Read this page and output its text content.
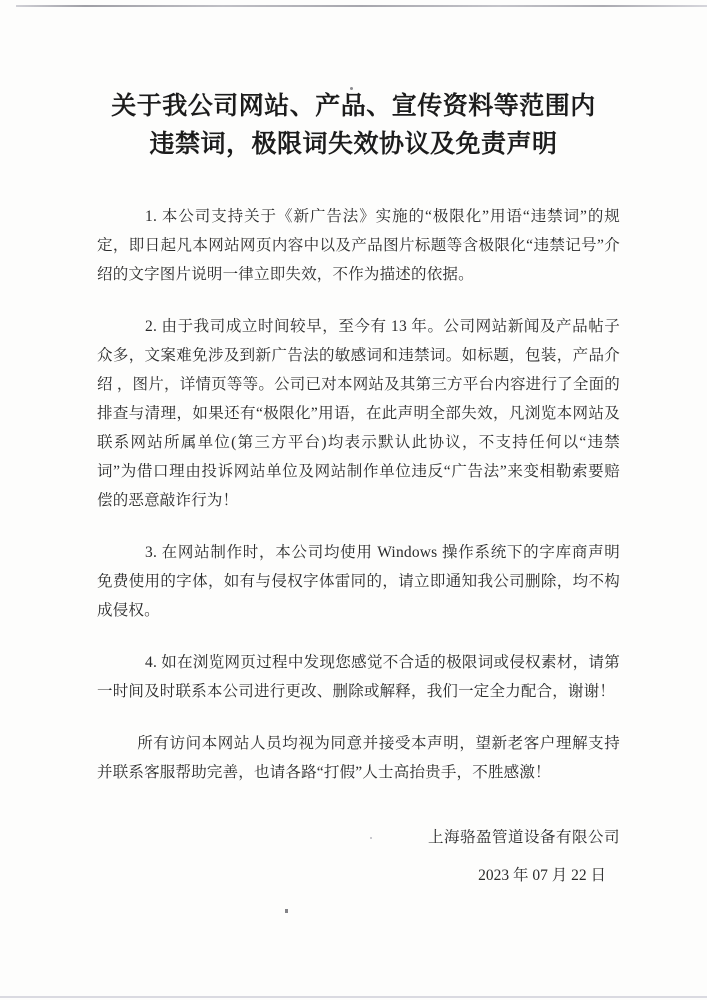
关于我公司网站、产品、宣传资料等范围内
违禁词，极限词失效协议及免责声明

1. 本公司支持关于《新广告法》实施的“极限化”用语“违禁词”的规定，即日起凡本网站网页内容中以及产品图片标题等含极限化“违禁记号”介绍的文字图片说明一律立即失效，不作为描述的依据。

2. 由于我司成立时间较早，至今有 13 年。公司网站新闻及产品帖子众多，文案难免涉及到新广告法的敏感词和违禁词。如标题，包装，产品介绍 ，图片，详情页等等。公司已对本网站及其第三方平台内容进行了全面的排查与清理，如果还有“极限化”用语，在此声明全部失效，凡浏览本网站及联系网站所属单位(第三方平台)均表示默认此协议，不支持任何以“违禁词”为借口理由投诉网站单位及网站制作单位违反“广告法”来变相勒索要赔偿的恶意敲诈行为！

3. 在网站制作时，本公司均使用 Windows 操作系统下的字库商声明免费使用的字体，如有与侵权字体雷同的，请立即通知我公司删除，均不构成侵权。

4. 如在浏览网页过程中发现您感觉不合适的极限词或侵权素材，请第一时间及时联系本公司进行更改、删除或解释，我们一定全力配合，谢谢！

所有访问本网站人员均视为同意并接受本声明，望新老客户理解支持并联系客服帮助完善，也请各路“打假”人士高抬贵手，不胜感激！

上海骆盈管道设备有限公司
2023 年 07 月 22 日
